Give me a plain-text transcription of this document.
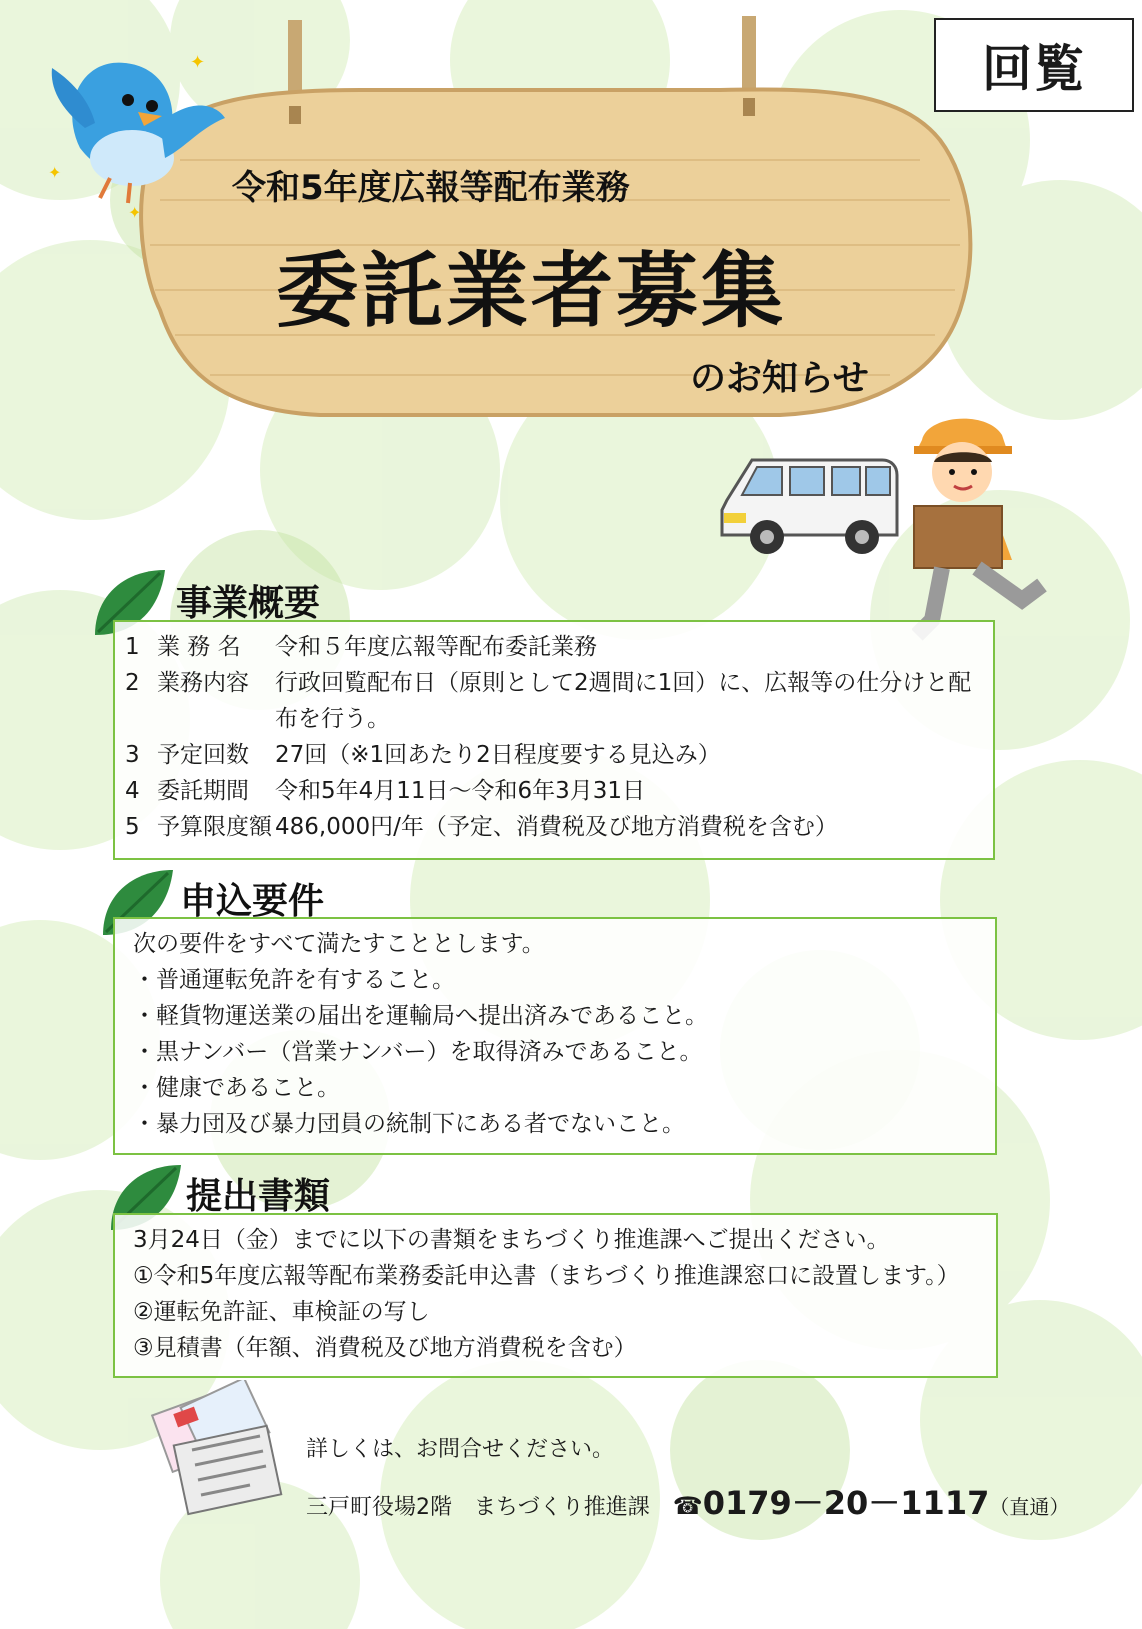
✦
✦
✦
回覧
令和5年度広報等配布業務
委託業者募集
のお知らせ
事業概要
1 業 務 名 令和５年度広報等配布委託業務
2 業務内容 行政回覧配布日（原則として2週間に1回）に、広報等の仕分けと配
布を行う。
3 予定回数 27回（※1回あたり2日程度要する見込み）
4 委託期間 令和5年4月11日～令和6年3月31日
5 予算限度額 486,000円/年（予定、消費税及び地方消費税を含む）
申込要件
次の要件をすべて満たすこととします。
・普通運転免許を有すること。
・軽貨物運送業の届出を運輸局へ提出済みであること。
・黒ナンバー（営業ナンバー）を取得済みであること。
・健康であること。
・暴力団及び暴力団員の統制下にある者でないこと。
提出書類
3月24日（金）までに以下の書類をまちづくり推進課へご提出ください。
①令和5年度広報等配布業務委託申込書（まちづくり推進課窓口に設置します。）
②運転免許証、車検証の写し
③見積書（年額、消費税及び地方消費税を含む）
詳しくは、お問合せください。
三戸町役場2階　まちづくり推進課 ☎0179－20－1117（直通）
